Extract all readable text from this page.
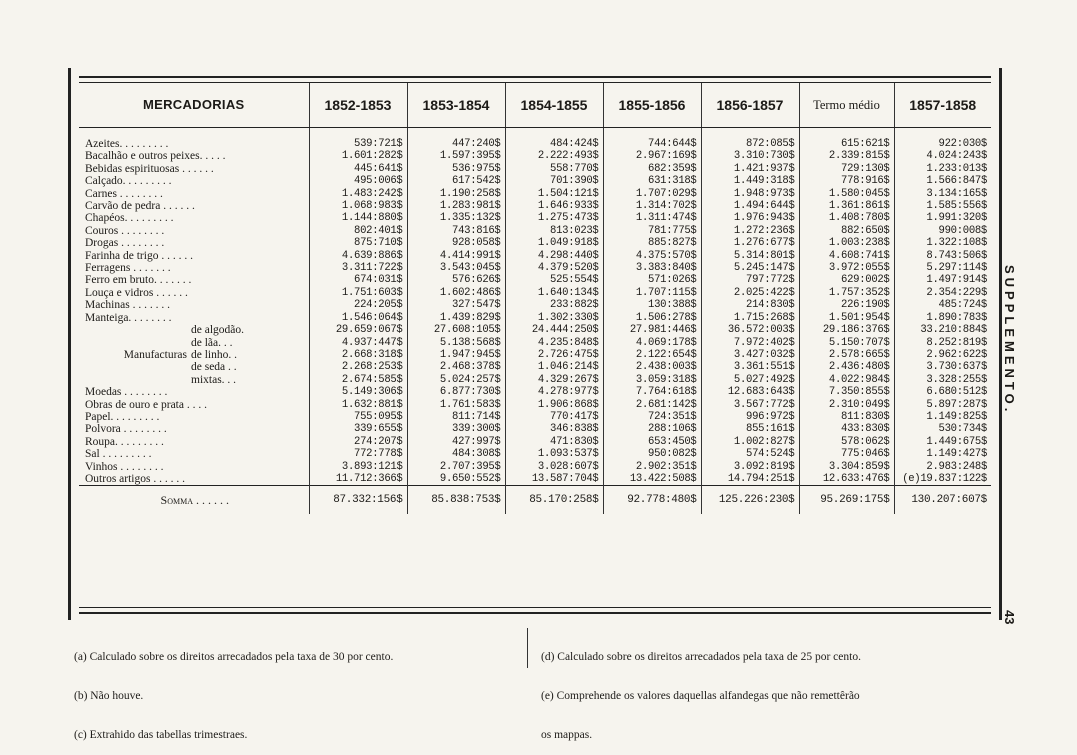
MERCADORIAS	1852-1853	1853-1854	1854-1855	1855-1856	1856-1857	Termo médio	1857-1858
Azeites. . . . . . . . .	539:721$	447:240$	484:424$	744:644$	872:085$	615:621$	922:030$
Bacalhão e outros peixes. . . . .	1.601:282$	1.597:395$	2.222:493$	2.967:169$	3.310:730$	2.339:815$	4.024:243$
Bebidas espirituosas . . . . . .	445:641$	536:975$	558:770$	682:359$	1.421:937$	729:130$	1.233:013$
Calçado. . . . . . . . .	495:006$	617:542$	701:390$	631:318$	1.449:318$	778:916$	1.566:847$
Carnes . . . . . . . .	1.483:242$	1.190:258$	1.504:121$	1.707:029$	1.948:973$	1.580:045$	3.134:165$
Carvão de pedra . . . . . .	1.068:983$	1.283:981$	1.646:933$	1.314:702$	1.494:644$	1.361:861$	1.585:556$
Chapéos. . . . . . . . .	1.144:880$	1.335:132$	1.275:473$	1.311:474$	1.976:943$	1.408:780$	1.991:320$
Couros . . . . . . . .	802:401$	743:816$	813:023$	781:775$	1.272:236$	882:650$	990:008$
Drogas . . . . . . . .	875:710$	928:058$	1.049:918$	885:827$	1.276:677$	1.003:238$	1.322:108$
Farinha de trigo . . . . . .	4.639:886$	4.414:991$	4.298:440$	4.375:570$	5.314:801$	4.608:741$	8.743:506$
Ferragens . . . . . . .	3.311:722$	3.543:045$	4.379:520$	3.383:840$	5.245:147$	3.972:055$	5.297:114$
Ferro em bruto. . . . . . .	674:031$	576:626$	525:554$	571:026$	797:772$	629:002$	1.497:914$
Louça e vidros . . . . . .	1.751:603$	1.602:486$	1.640:134$	1.707:115$	2.025:422$	1.757:352$	2.354:229$
Machinas . . . . . . .	224:205$	327:547$	233:882$	130:388$	214:830$	226:190$	485:724$
Manteiga. . . . . . . .	1.546:064$	1.439:829$	1.302:330$	1.506:278$	1.715:268$	1.501:954$	1.890:783$
de algodão.	29.659:067$	27.608:105$	24.444:250$	27.981:446$	36.572:003$	29.186:376$	33.210:884$
de lãa. . .	4.937:447$	5.138:568$	4.235:848$	4.069:178$	7.972:402$	5.150:707$	8.252:819$
Manufacturas de linho. .	2.668:318$	1.947:945$	2.726:475$	2.122:654$	3.427:032$	2.578:665$	2.962:622$
de seda . .	2.268:253$	2.468:378$	1.046:214$	2.438:003$	3.361:551$	2.436:480$	3.730:637$
mixtas. . .	2.674:585$	5.024:257$	4.329:267$	3.059:318$	5.027:492$	4.022:984$	3.328:255$
Moedas . . . . . . . .	5.149:306$	6.877:730$	4.278:977$	7.764:618$	12.683:643$	7.350:855$	6.680:512$
Obras de ouro e prata . . . .	1.632:881$	1.761:583$	1.906:868$	2.681:142$	3.567:772$	2.310:049$	5.897:287$
Papel. . . . . . . . .	755:095$	811:714$	770:417$	724:351$	996:972$	811:830$	1.149:825$
Polvora . . . . . . . .	339:655$	339:300$	346:838$	288:106$	855:161$	433:830$	530:734$
Roupa. . . . . . . . .	274:207$	427:997$	471:830$	653:450$	1.002:827$	578:062$	1.449:675$
Sal . . . . . . . . .	772:778$	484:308$	1.093:537$	950:082$	574:524$	775:046$	1.149:427$
Vinhos . . . . . . . .	3.893:121$	2.707:395$	3.028:607$	2.902:351$	3.092:819$	3.304:859$	2.983:248$
Outros artigos . . . . . .	11.712:366$	9.650:552$	13.587:704$	13.422:508$	14.794:251$	12.633:476$	(e)19.837:122$
Somma . . . . . .	87.332:156$	85.838:753$	85.170:258$	92.778:480$	125.226:230$	95.269:175$	130.207:607$

(a) Calculado sobre os direitos arrecadados pela taxa de 30 por cento.

(b) Não houve.

(c) Extrahido das tabellas trimestraes.

(d) Calculado sobre os direitos arrecadados pela taxa de 25 por cento.

(e) Comprehende os valores daquellas alfandegas que não remettêrão

os mappas.

SUPPLEMENTO.
43
